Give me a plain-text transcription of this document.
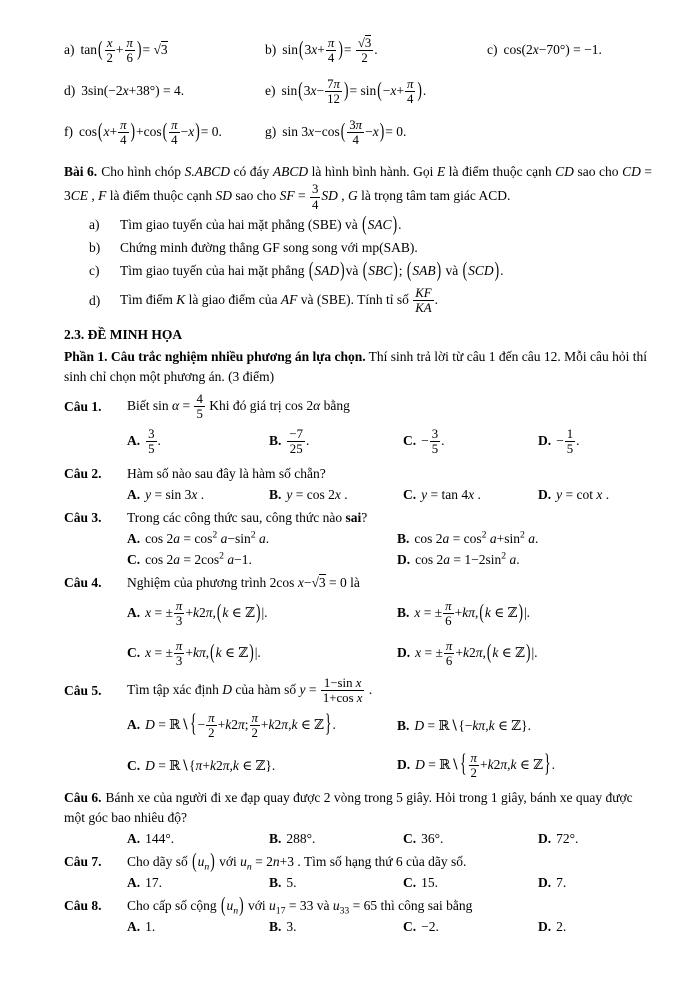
a) $\tan( \frac{x}{2} + \frac{\pi}{6}$ )= √3	b) $\sin(3x+ \frac{\pi}{4}$ )= $\frac{√3}{2}$ .	c) cos(2x−70°) = −1.
d) 3sin(−2x+38°) = 4.	e) $\sin(3x- \frac{7\pi}{12}$ )= $\sin(-x+ \frac{\pi}{4}$ ).
f) $\cos(x+ \frac{\pi}{4} )+\cos( \frac{\pi}{4} -x)= 0$.	g) $\sin 3x-\cos( \frac{3\pi}{4} -x)= 0$.
Bài 6. Cho hình chóp S.ABCD có đáy ABCD là hình bình hành. Gọi E là điểm thuộc cạnh CD sao cho CD = 3CE , F là điểm thuộc cạnh SD sao cho SF = $\frac{3}{4}$ SD , G là trọng tâm tam giác ACD.
a)	Tìm giao tuyến của hai mặt phẳng (SBE) và (SAC).
b)	Chứng minh đường thẳng GF song song với mp(SAB).
c)	Tìm giao tuyến của hai mặt phẳng (SAD)và (SBC); (SAB) và (SCD).
d)	Tìm điểm K là giao điểm của AF và (SBE). Tính tỉ số $\frac{KF}{KA}$ .
2.3. ĐỀ MINH HỌA
Phần 1. Câu trắc nghiệm nhiều phương án lựa chọn. Thí sinh trả lời từ câu 1 đến câu 12. Mỗi câu hỏi thí sinh chỉ chọn một phương án. (3 điểm)
Câu 1.	Biết $\sin \alpha = \frac{4}{5}$ Khi đó giá trị cos 2α bằng
A. $\frac{3}{5}$ .	B. $\frac{-7}{25}$ .	C. − $\frac{3}{5}$ .	D. − $\frac{1}{5}$ .
Câu 2.	Hàm số nào sau đây là hàm số chẵn?
A. y = sin 3x .	B. y = cos 2x .	C. y = tan 4x .	D. y = cot x .
Câu 3.	Trong các công thức sau, công thức nào sai?
A. $\cos 2a = \cos^2 a-\sin^2$ a.	B. $\cos 2a = \cos^2 a+\sin^2$ a.
C. $\cos 2a = 2\cos^2$ a−1.	D. $\cos 2a = 1-2\sin^2$ a.
Câu 4.	Nghiệm của phương trình 2cos x−√3 = 0 là
A. x = ± $\frac{\pi}{3} +k2\pi,(k$ ∈ ℤ)|.	B. x = ± $\frac{\pi}{6} +k\pi,(k$ ∈ ℤ)|.
C. x = ± $\frac{\pi}{3} +k\pi,(k$ ∈ ℤ)|.	D. x = ± $\frac{\pi}{6} +k2\pi,(k$ ∈ ℤ)|.
Câu 5.	Tìm tập xác định D của hàm số $y = \frac{\text{1−sin x}}{\text{1+cos x}}$ .
A. D = ℝ∖{− $\frac{\pi}{2} +k2\pi$; $\frac{\pi}{2} +k2\pi,k$ ∈ ℤ}.	B. D = ℝ∖{−kπ,k ∈ ℤ}.
C. D = ℝ∖{π+k2π,k ∈ ℤ}.	D. D = ℝ∖{ $\frac{\pi}{2} +k2\pi,k$ ∈ ℤ}.
Câu 6. Bánh xe của người đi xe đạp quay được 2 vòng trong 5 giây. Hỏi trong 1 giây, bánh xe quay được một góc bao nhiêu độ?
A. 144°.	B. 288°.	C. 36°.	D. 72°.
Câu 7.	Cho dãy số $(u_n)$ với $u_n = 2n+3$ . Tìm số hạng thứ 6 của dãy số.
A. 17.	B. 5.	C. 15.	D. 7.
Câu 8.	Cho cấp số cộng $(u_n)$ với $u_{17} = 33$ và $u_{33} = 65$ thì công sai bằng
A. 1.	B. 3.	C. −2.	D. 2.
